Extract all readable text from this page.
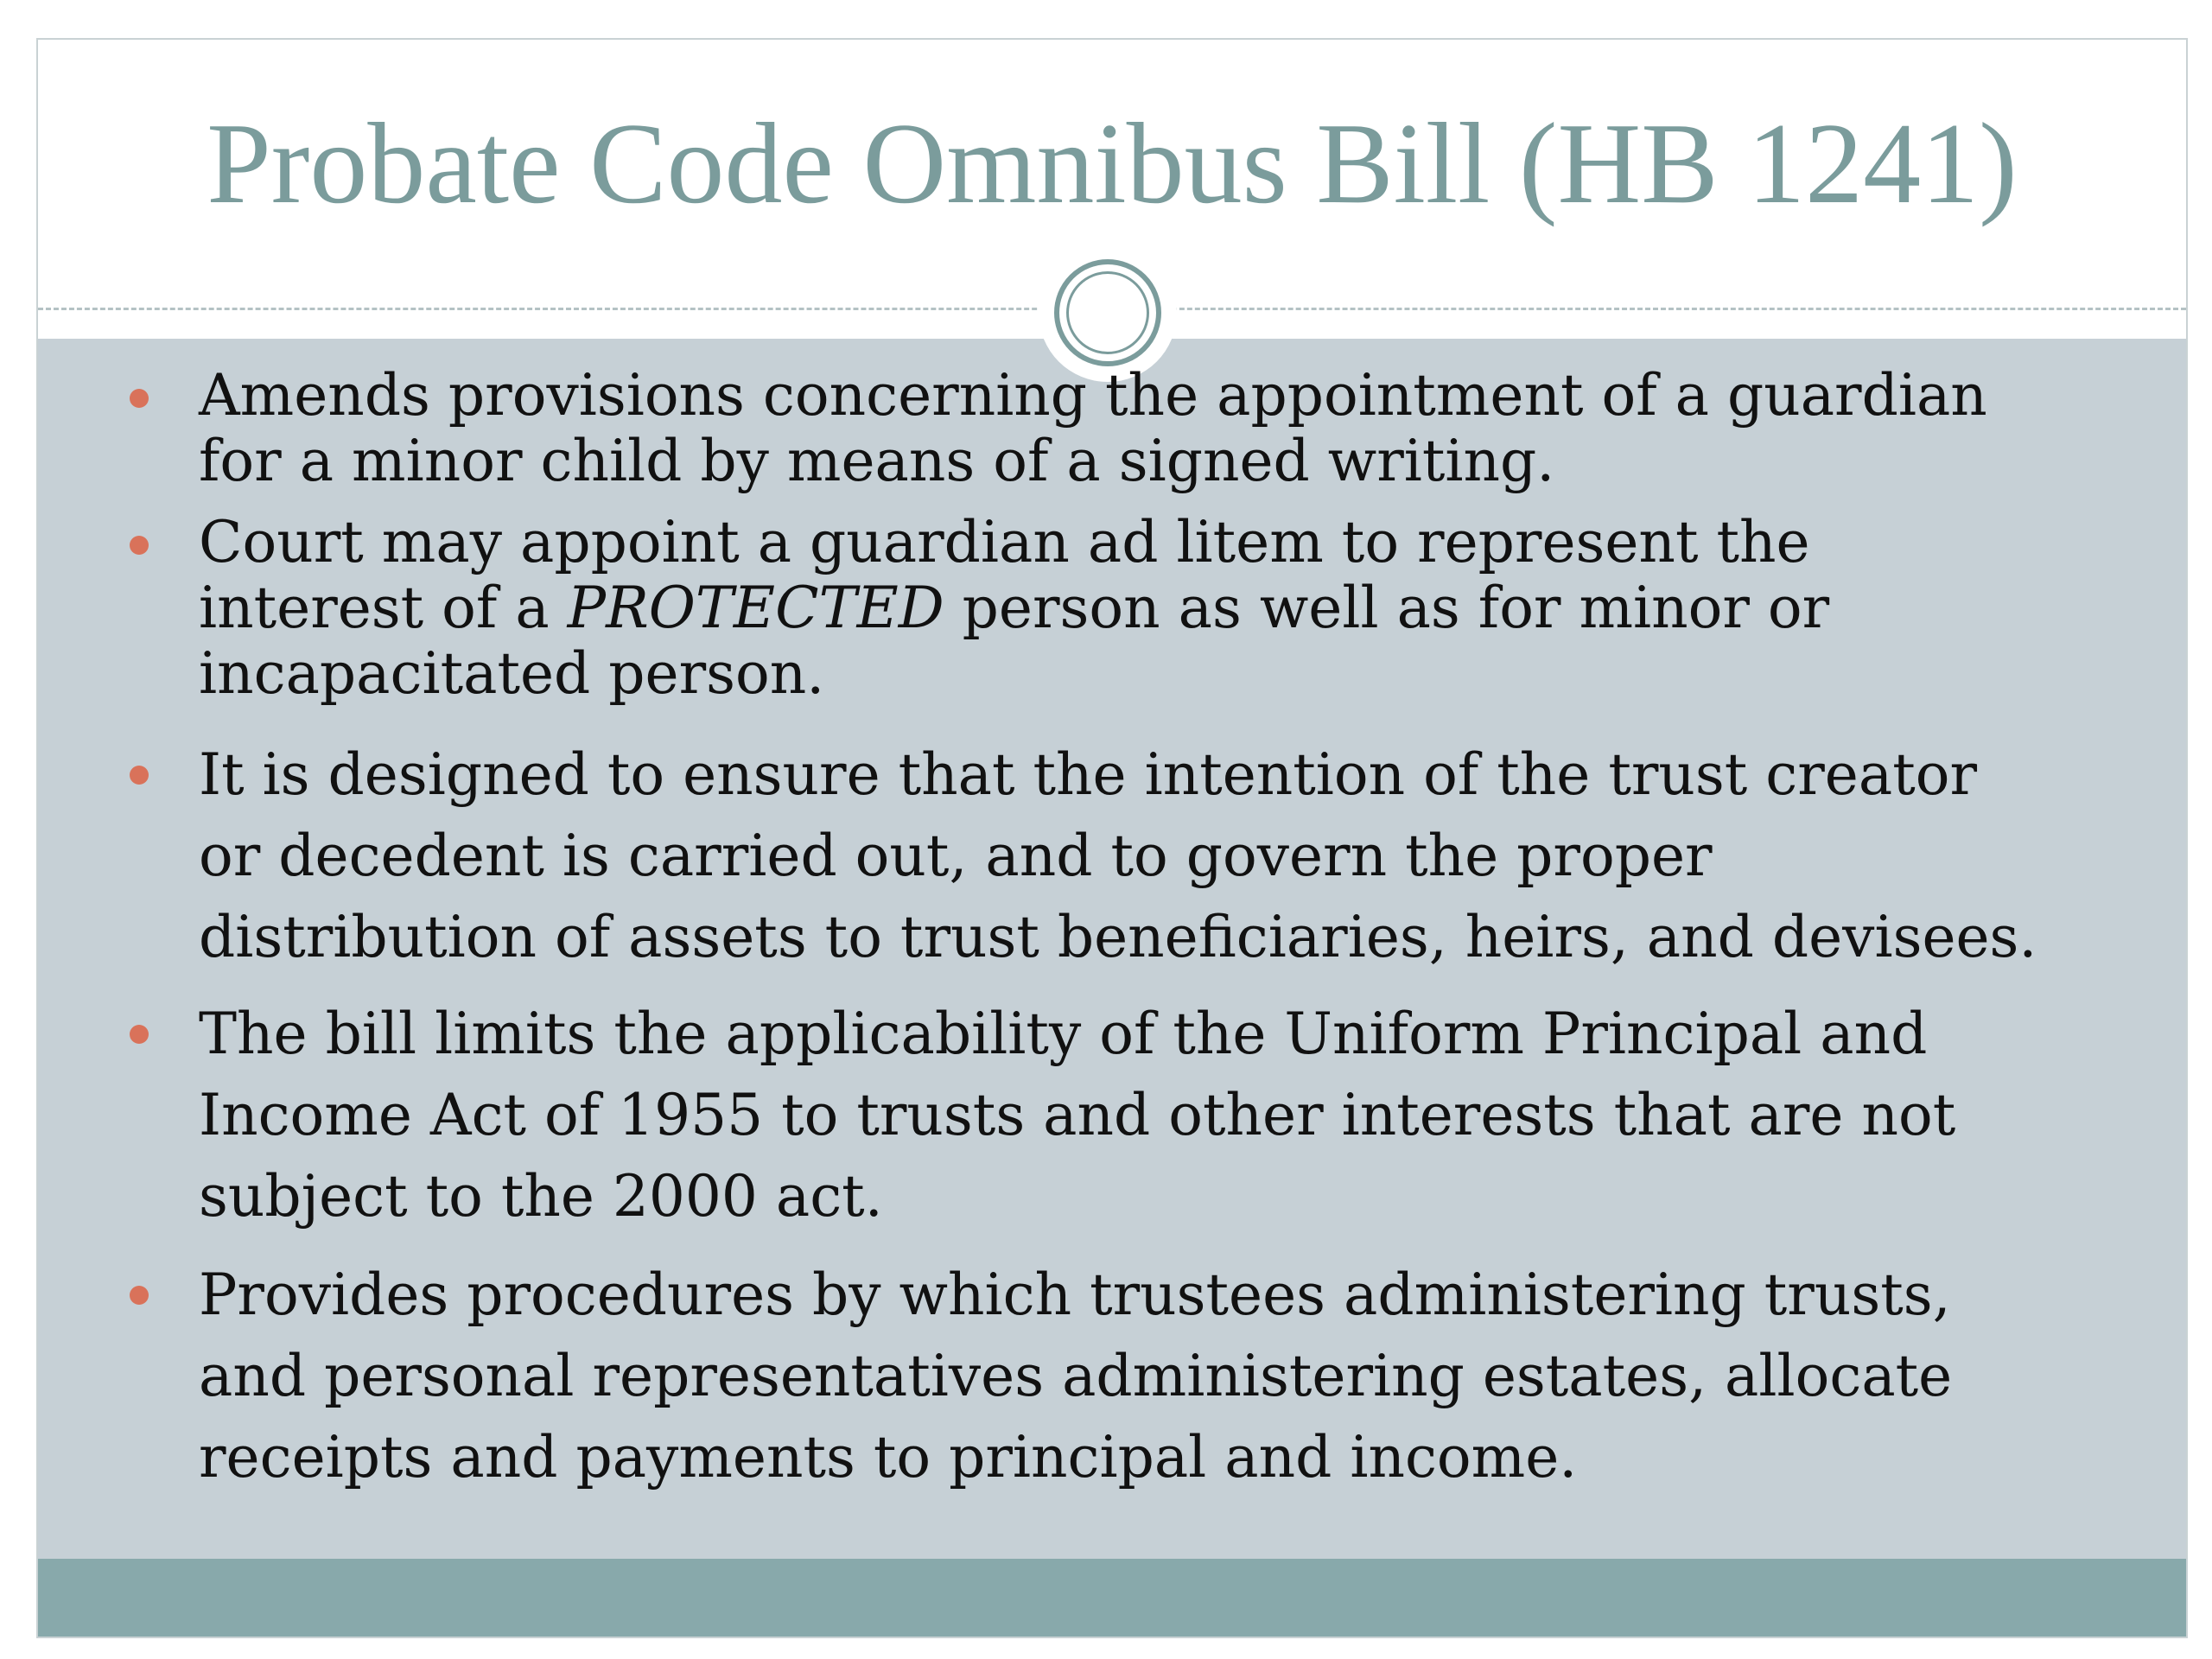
Probate Code Omnibus Bill (HB 1241)
Amends provisions concerning the appointment of a guardian
for a minor child by means of a signed writing.
Court may appoint a guardian ad litem to represent the
interest of a PROTECTED person as well as for minor or
incapacitated person.
It is designed to ensure that the intention of the trust creator
or decedent is carried out, and to govern the proper
distribution of assets to trust beneficiaries, heirs, and devisees.
The bill limits the applicability of the Uniform Principal and
Income Act of 1955 to trusts and other interests that are not
subject to the 2000 act.
Provides procedures by which trustees administering trusts,
and personal representatives administering estates, allocate
receipts and payments to principal and income.
